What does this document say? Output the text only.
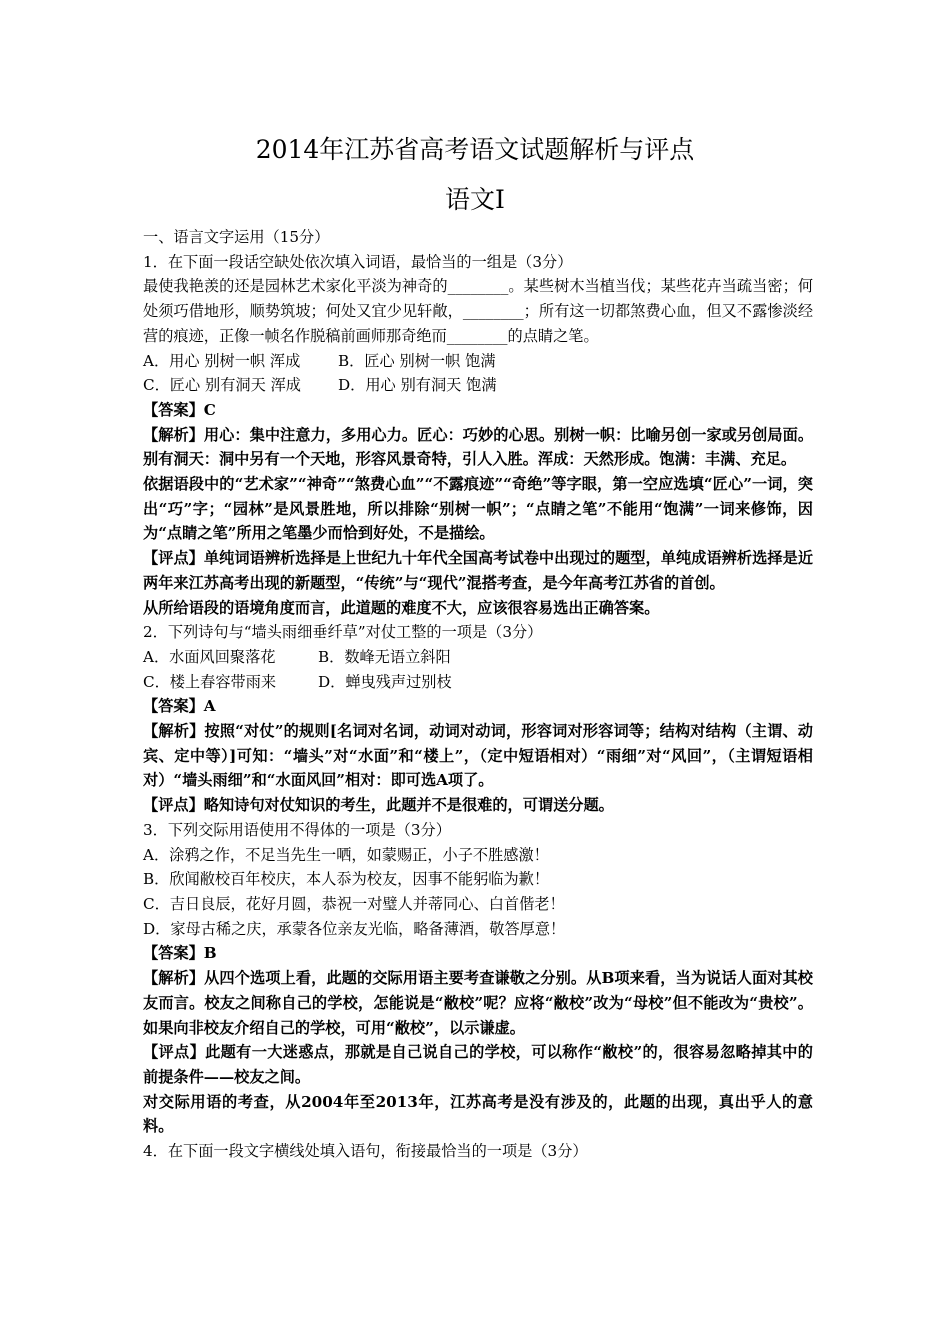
2014年江苏省高考语文试题解析与评点
语文Ⅰ

一、语言文字运用（15分）

1．在下面一段话空缺处依次填入词语，最恰当的一组是（3分）

最使我艳羡的还是园林艺术家化平淡为神奇的________。某些树木当植当伐；某些花卉当疏当密；何处须巧借地形，顺势筑坡；何处又宜少见轩敞，________；所有这一切都煞费心血，但又不露惨淡经营的痕迹，正像一帧名作脱稿前画师那奇绝而________的点睛之笔。

A．用心 别树一帜 浑成	B．匠心 别树一帜 饱满

C．匠心 别有洞天 浑成	D．用心 别有洞天 饱满

【答案】C

【解析】用心：集中注意力，多用心力。匠心：巧妙的心思。别树一帜：比喻另创一家或另创局面。别有洞天：洞中另有一个天地，形容风景奇特，引人入胜。浑成：天然形成。饱满：丰满、充足。

依据语段中的“艺术家”“神奇”“煞费心血”“不露痕迹”“奇绝”等字眼，第一空应选填“匠心”一词，突出“巧”字；“园林”是风景胜地，所以排除“别树一帜”；“点睛之笔”不能用“饱满”一词来修饰，因为“点睛之笔”所用之笔墨少而恰到好处，不是描绘。

【评点】单纯词语辨析选择是上世纪九十年代全国高考试卷中出现过的题型，单纯成语辨析选择是近两年来江苏高考出现的新题型，“传统”与“现代”混搭考查，是今年高考江苏省的首创。

从所给语段的语境角度而言，此道题的难度不大，应该很容易选出正确答案。

2．下列诗句与“墙头雨细垂纤草”对仗工整的一项是（3分）

A．水面风回聚落花	B．数峰无语立斜阳

C．楼上春容带雨来	D．蝉曳残声过别枝

【答案】A

【解析】按照“对仗”的规则[名词对名词，动词对动词，形容词对形容词等；结构对结构（主谓、动宾、定中等）]可知：“墙头”对“水面”和“楼上”，（定中短语相对）“雨细”对“风回”，（主谓短语相对）“墙头雨细”和“水面风回”相对：即可选A项了。

【评点】略知诗句对仗知识的考生，此题并不是很难的，可谓送分题。

3．下列交际用语使用不得体的一项是（3分）

A．涂鸦之作，不足当先生一哂，如蒙赐正，小子不胜感激！

B．欣闻敝校百年校庆，本人忝为校友，因事不能躬临为歉！

C．吉日良辰，花好月圆，恭祝一对璧人并蒂同心、白首偕老！

D．家母古稀之庆，承蒙各位亲友光临，略备薄酒，敬答厚意！

【答案】B

【解析】从四个选项上看，此题的交际用语主要考查谦敬之分别。从B项来看，当为说话人面对其校友而言。校友之间称自己的学校，怎能说是“敝校”呢？应将“敝校”改为“母校”但不能改为“贵校”。如果向非校友介绍自己的学校，可用“敝校”，以示谦虚。

【评点】此题有一大迷惑点，那就是自己说自己的学校，可以称作“敝校”的，很容易忽略掉其中的前提条件——校友之间。

对交际用语的考查，从2004年至2013年，江苏高考是没有涉及的，此题的出现，真出乎人的意料。

4．在下面一段文字横线处填入语句，衔接最恰当的一项是（3分）
